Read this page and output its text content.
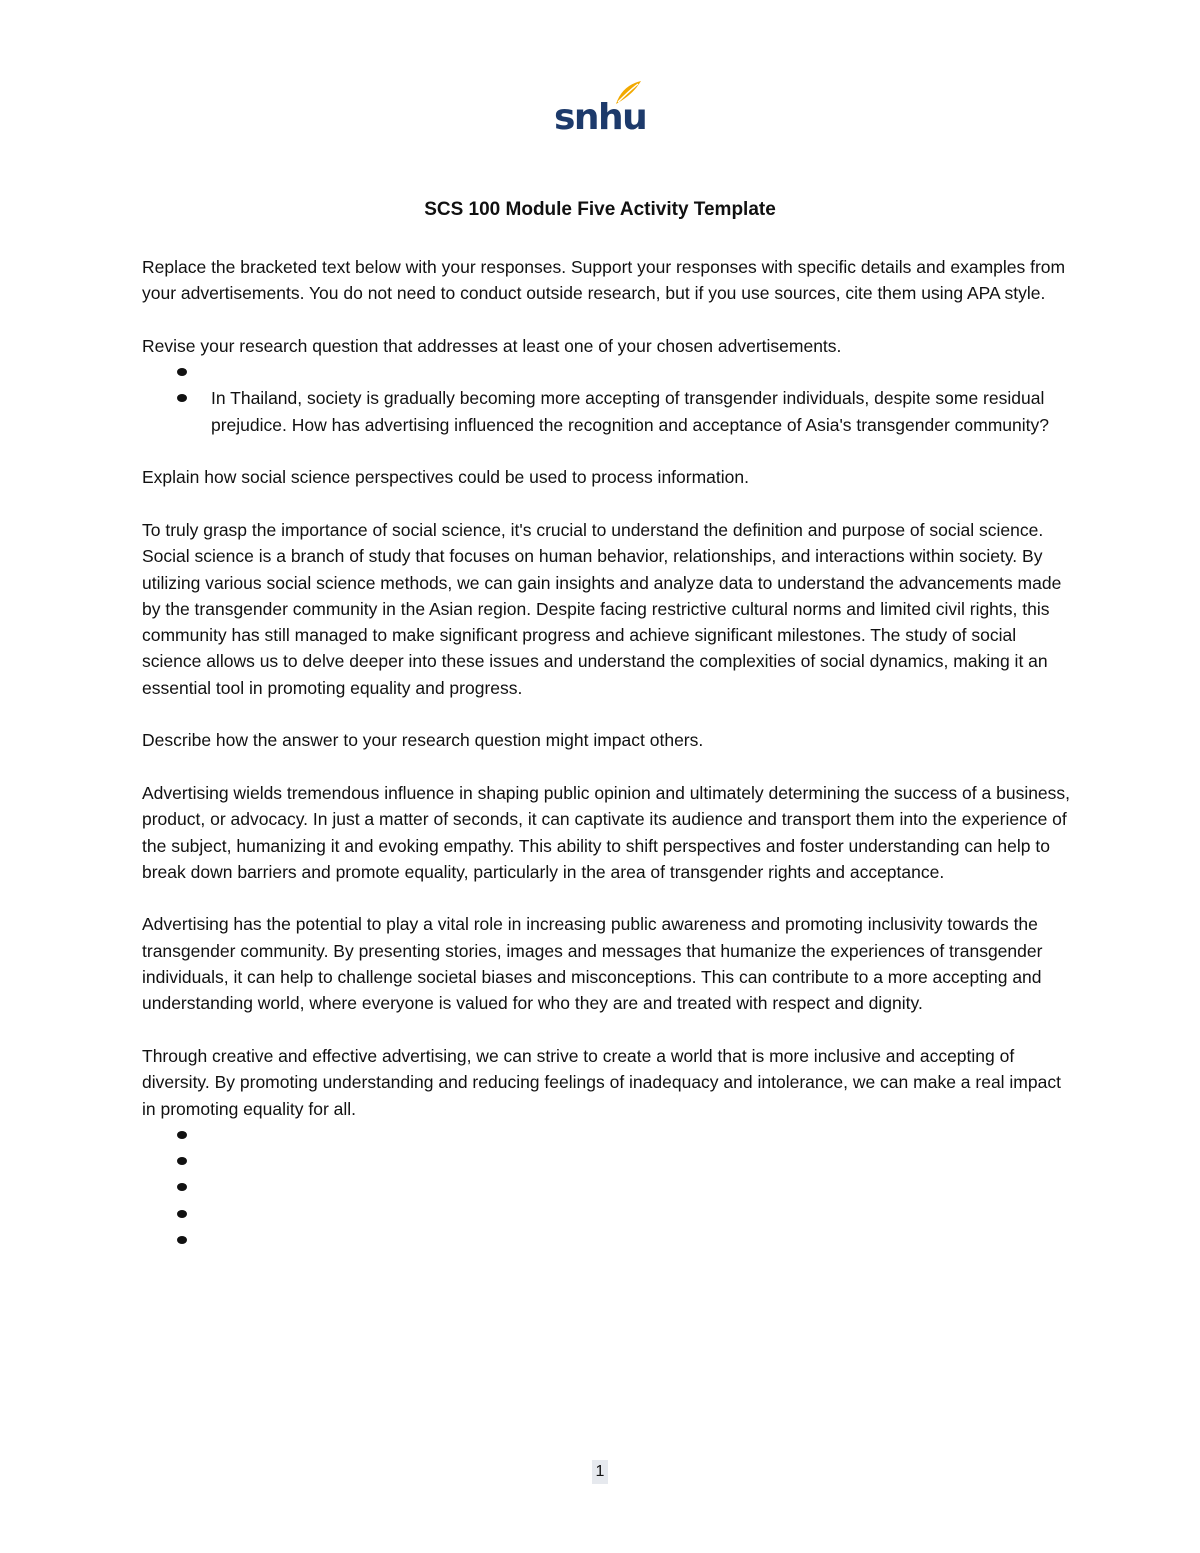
snhu
SCS 100 Module Five Activity Template

Replace the bracketed text below with your responses. Support your responses with specific details and examples from your advertisements. You do not need to conduct outside research, but if you use sources, cite them using APA style.

Revise your research question that addresses at least one of your chosen advertisements.

In Thailand, society is gradually becoming more accepting of transgender individuals, despite some residual prejudice. How has advertising influenced the recognition and acceptance of Asia's transgender community?

Explain how social science perspectives could be used to process information.

To truly grasp the importance of social science, it's crucial to understand the definition and purpose of social science. Social science is a branch of study that focuses on human behavior, relationships, and interactions within society. By utilizing various social science methods, we can gain insights and analyze data to understand the advancements made by the transgender community in the Asian region. Despite facing restrictive cultural norms and limited civil rights, this community has still managed to make significant progress and achieve significant milestones. The study of social science allows us to delve deeper into these issues and understand the complexities of social dynamics, making it an essential tool in promoting equality and progress.

Describe how the answer to your research question might impact others.

Advertising wields tremendous influence in shaping public opinion and ultimately determining the success of a business, product, or advocacy. In just a matter of seconds, it can captivate its audience and transport them into the experience of the subject, humanizing it and evoking empathy. This ability to shift perspectives and foster understanding can help to break down barriers and promote equality, particularly in the area of transgender rights and acceptance.

Advertising has the potential to play a vital role in increasing public awareness and promoting inclusivity towards the transgender community. By presenting stories, images and messages that humanize the experiences of transgender individuals, it can help to challenge societal biases and misconceptions. This can contribute to a more accepting and understanding world, where everyone is valued for who they are and treated with respect and dignity.

Through creative and effective advertising, we can strive to create a world that is more inclusive and accepting of diversity. By promoting understanding and reducing feelings of inadequacy and intolerance, we can make a real impact in promoting equality for all.

1
